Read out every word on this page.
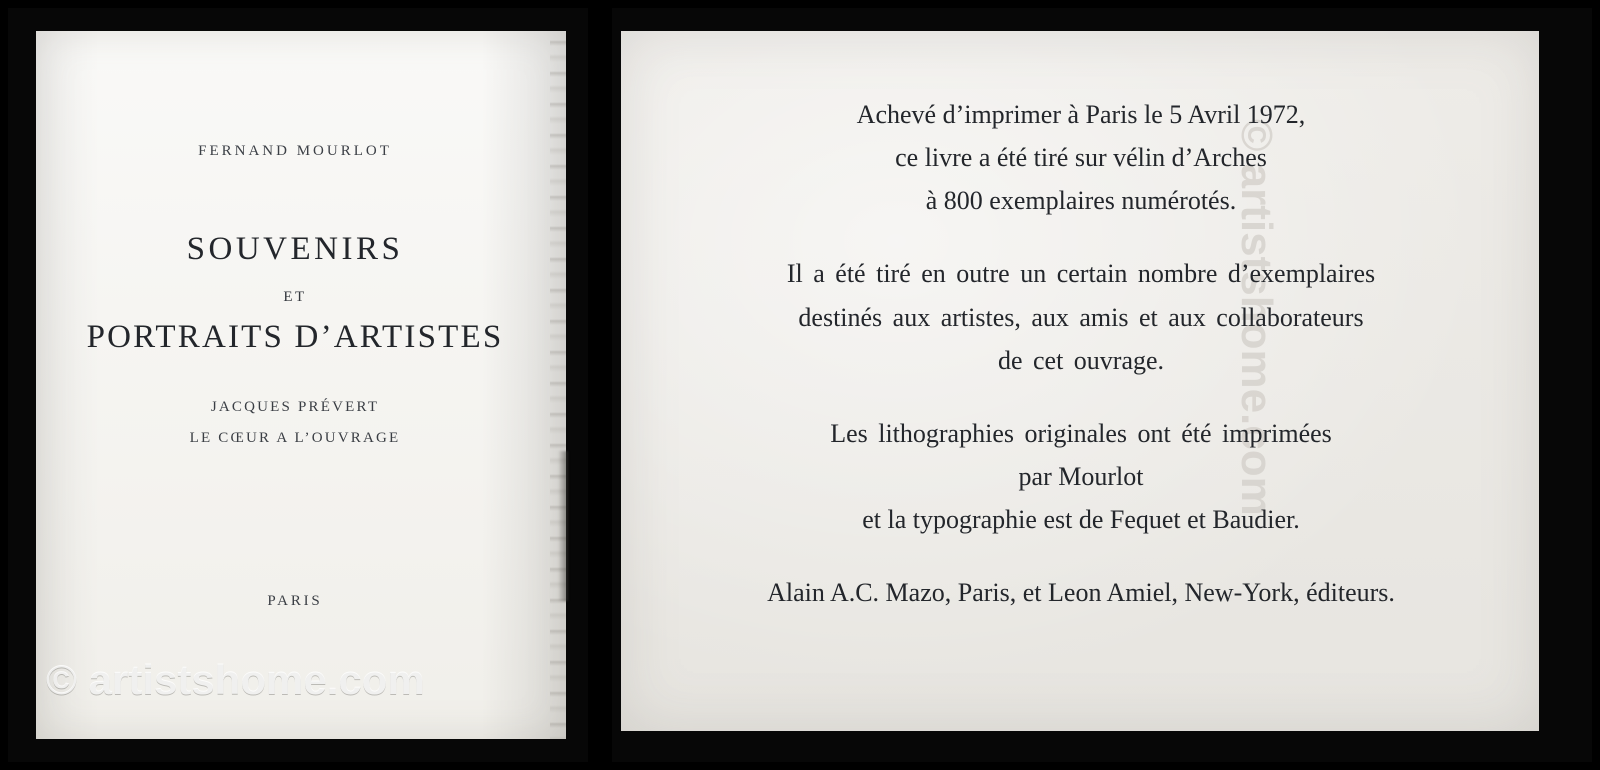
FERNAND MOURLOT
SOUVENIRS
ET
PORTRAITS D’ARTISTES
JACQUES PRÉVERT
LE CŒUR A L’OUVRAGE
PARIS
© artistshome.com
© artistshome.com

Achevé d’imprimer à Paris le 5 Avril 1972,
ce livre a été tiré sur vélin d’Arches
à 800 exemplaires numérotés.

Il a été tiré en outre un certain nombre d’exemplaires
destinés aux artistes, aux amis et aux collaborateurs
de cet ouvrage.

Les lithographies originales ont été imprimées
par Mourlot
et la typographie est de Fequet et Baudier.

Alain A.C. Mazo, Paris, et Leon Amiel, New-York, éditeurs.
